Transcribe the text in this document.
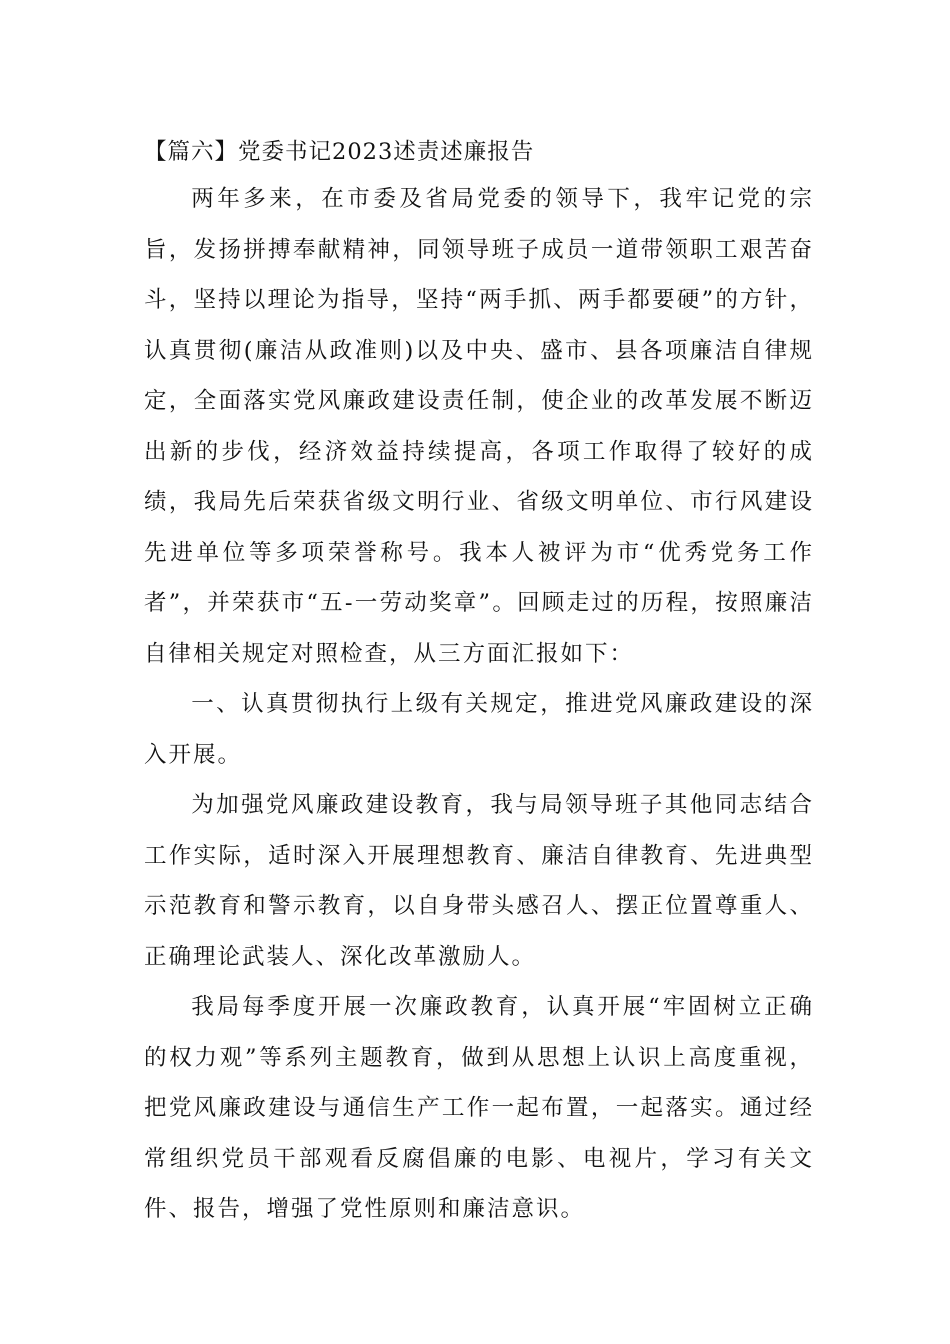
【篇六】党委书记2023述责述廉报告

两年多来，在市委及省局党委的领导下，我牢记党的宗旨，发扬拼搏奉献精神，同领导班子成员一道带领职工艰苦奋斗，坚持以理论为指导，坚持“两手抓、两手都要硬”的方针，认真贯彻(廉洁从政准则)以及中央、盛市、县各项廉洁自律规定，全面落实党风廉政建设责任制，使企业的改革发展不断迈出新的步伐，经济效益持续提高，各项工作取得了较好的成绩，我局先后荣获省级文明行业、省级文明单位、市行风建设先进单位等多项荣誉称号。我本人被评为市“优秀党务工作者”，并荣获市“五-一劳动奖章”。回顾走过的历程，按照廉洁自律相关规定对照检查，从三方面汇报如下：

一、认真贯彻执行上级有关规定，推进党风廉政建设的深入开展。

为加强党风廉政建设教育，我与局领导班子其他同志结合工作实际，适时深入开展理想教育、廉洁自律教育、先进典型示范教育和警示教育，以自身带头感召人、摆正位置尊重人、正确理论武装人、深化改革激励人。

我局每季度开展一次廉政教育，认真开展“牢固树立正确的权力观”等系列主题教育，做到从思想上认识上高度重视，把党风廉政建设与通信生产工作一起布置，一起落实。通过经常组织党员干部观看反腐倡廉的电影、电视片，学习有关文件、报告，增强了党性原则和廉洁意识。
